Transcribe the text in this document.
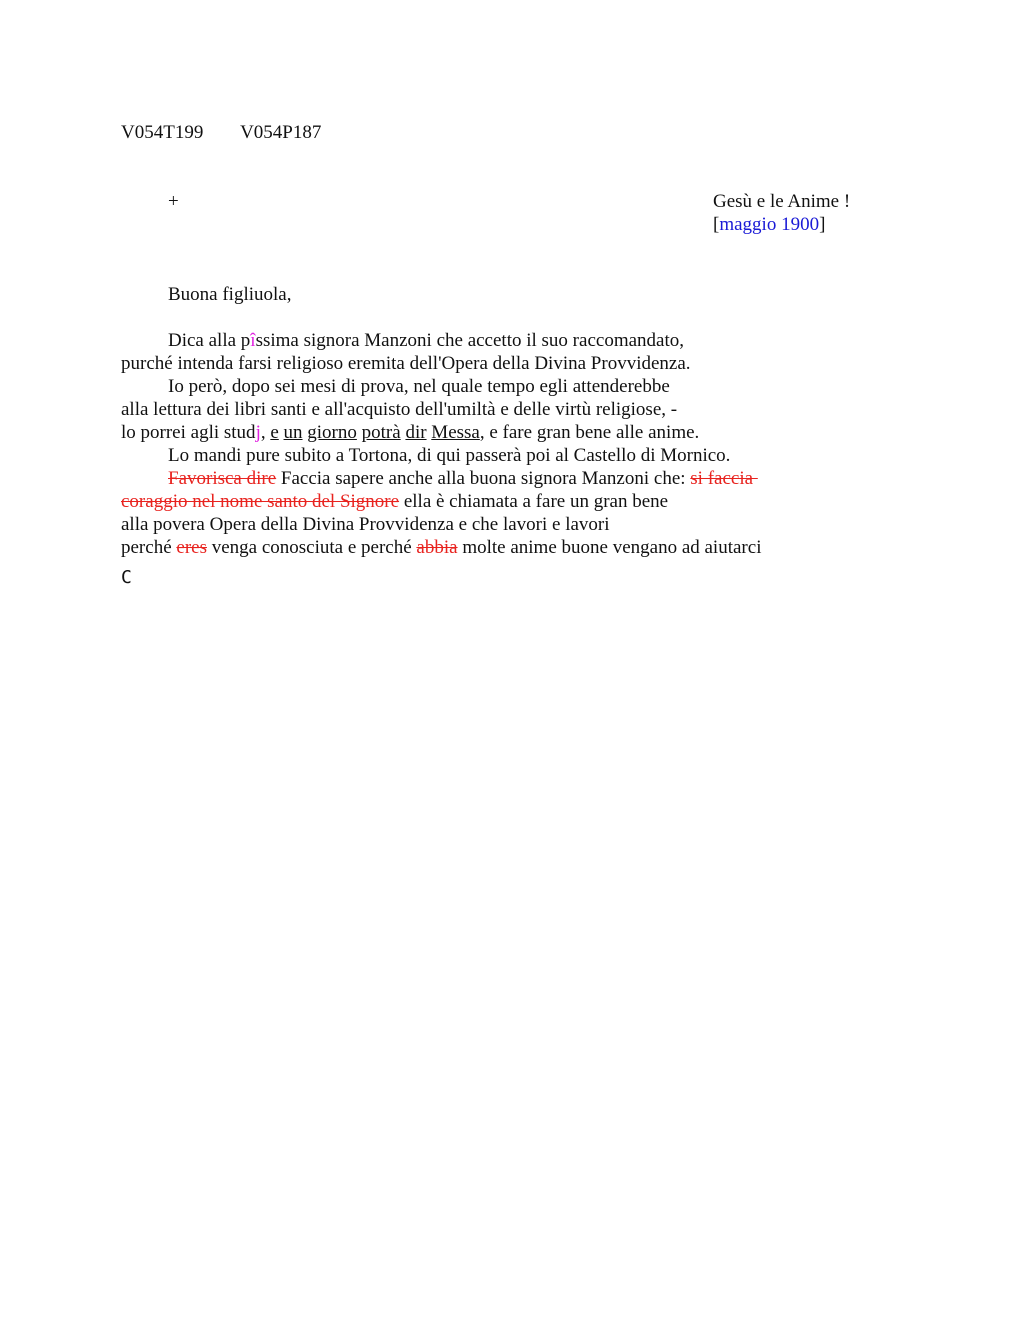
V054T199 V054P187
+	Gesù e le Anime !
[maggio 1900]
Buona figliuola,
Dica alla pîssima signora Manzoni che accetto il suo raccomandato,
purché intenda farsi religioso eremita dell'Opera della Divina Provvidenza.
Io però, dopo sei mesi di prova, nel quale tempo egli attenderebbe
alla lettura dei libri santi e all'acquisto dell'umiltà e delle virtù religiose, -
lo porrei agli studj, e un giorno potrà dir Messa, e fare gran bene alle anime.
Lo mandi pure subito a Tortona, di qui passerà poi al Castello di Mornico.
Favorisca dire Faccia sapere anche alla buona signora Manzoni che: si faccia
coraggio nel nome santo del Signore ella è chiamata a fare un gran bene
alla povera Opera della Divina Provvidenza e che lavori e lavori
perché eres venga conosciuta e perché abbia molte anime buone vengano ad aiutarci
C
